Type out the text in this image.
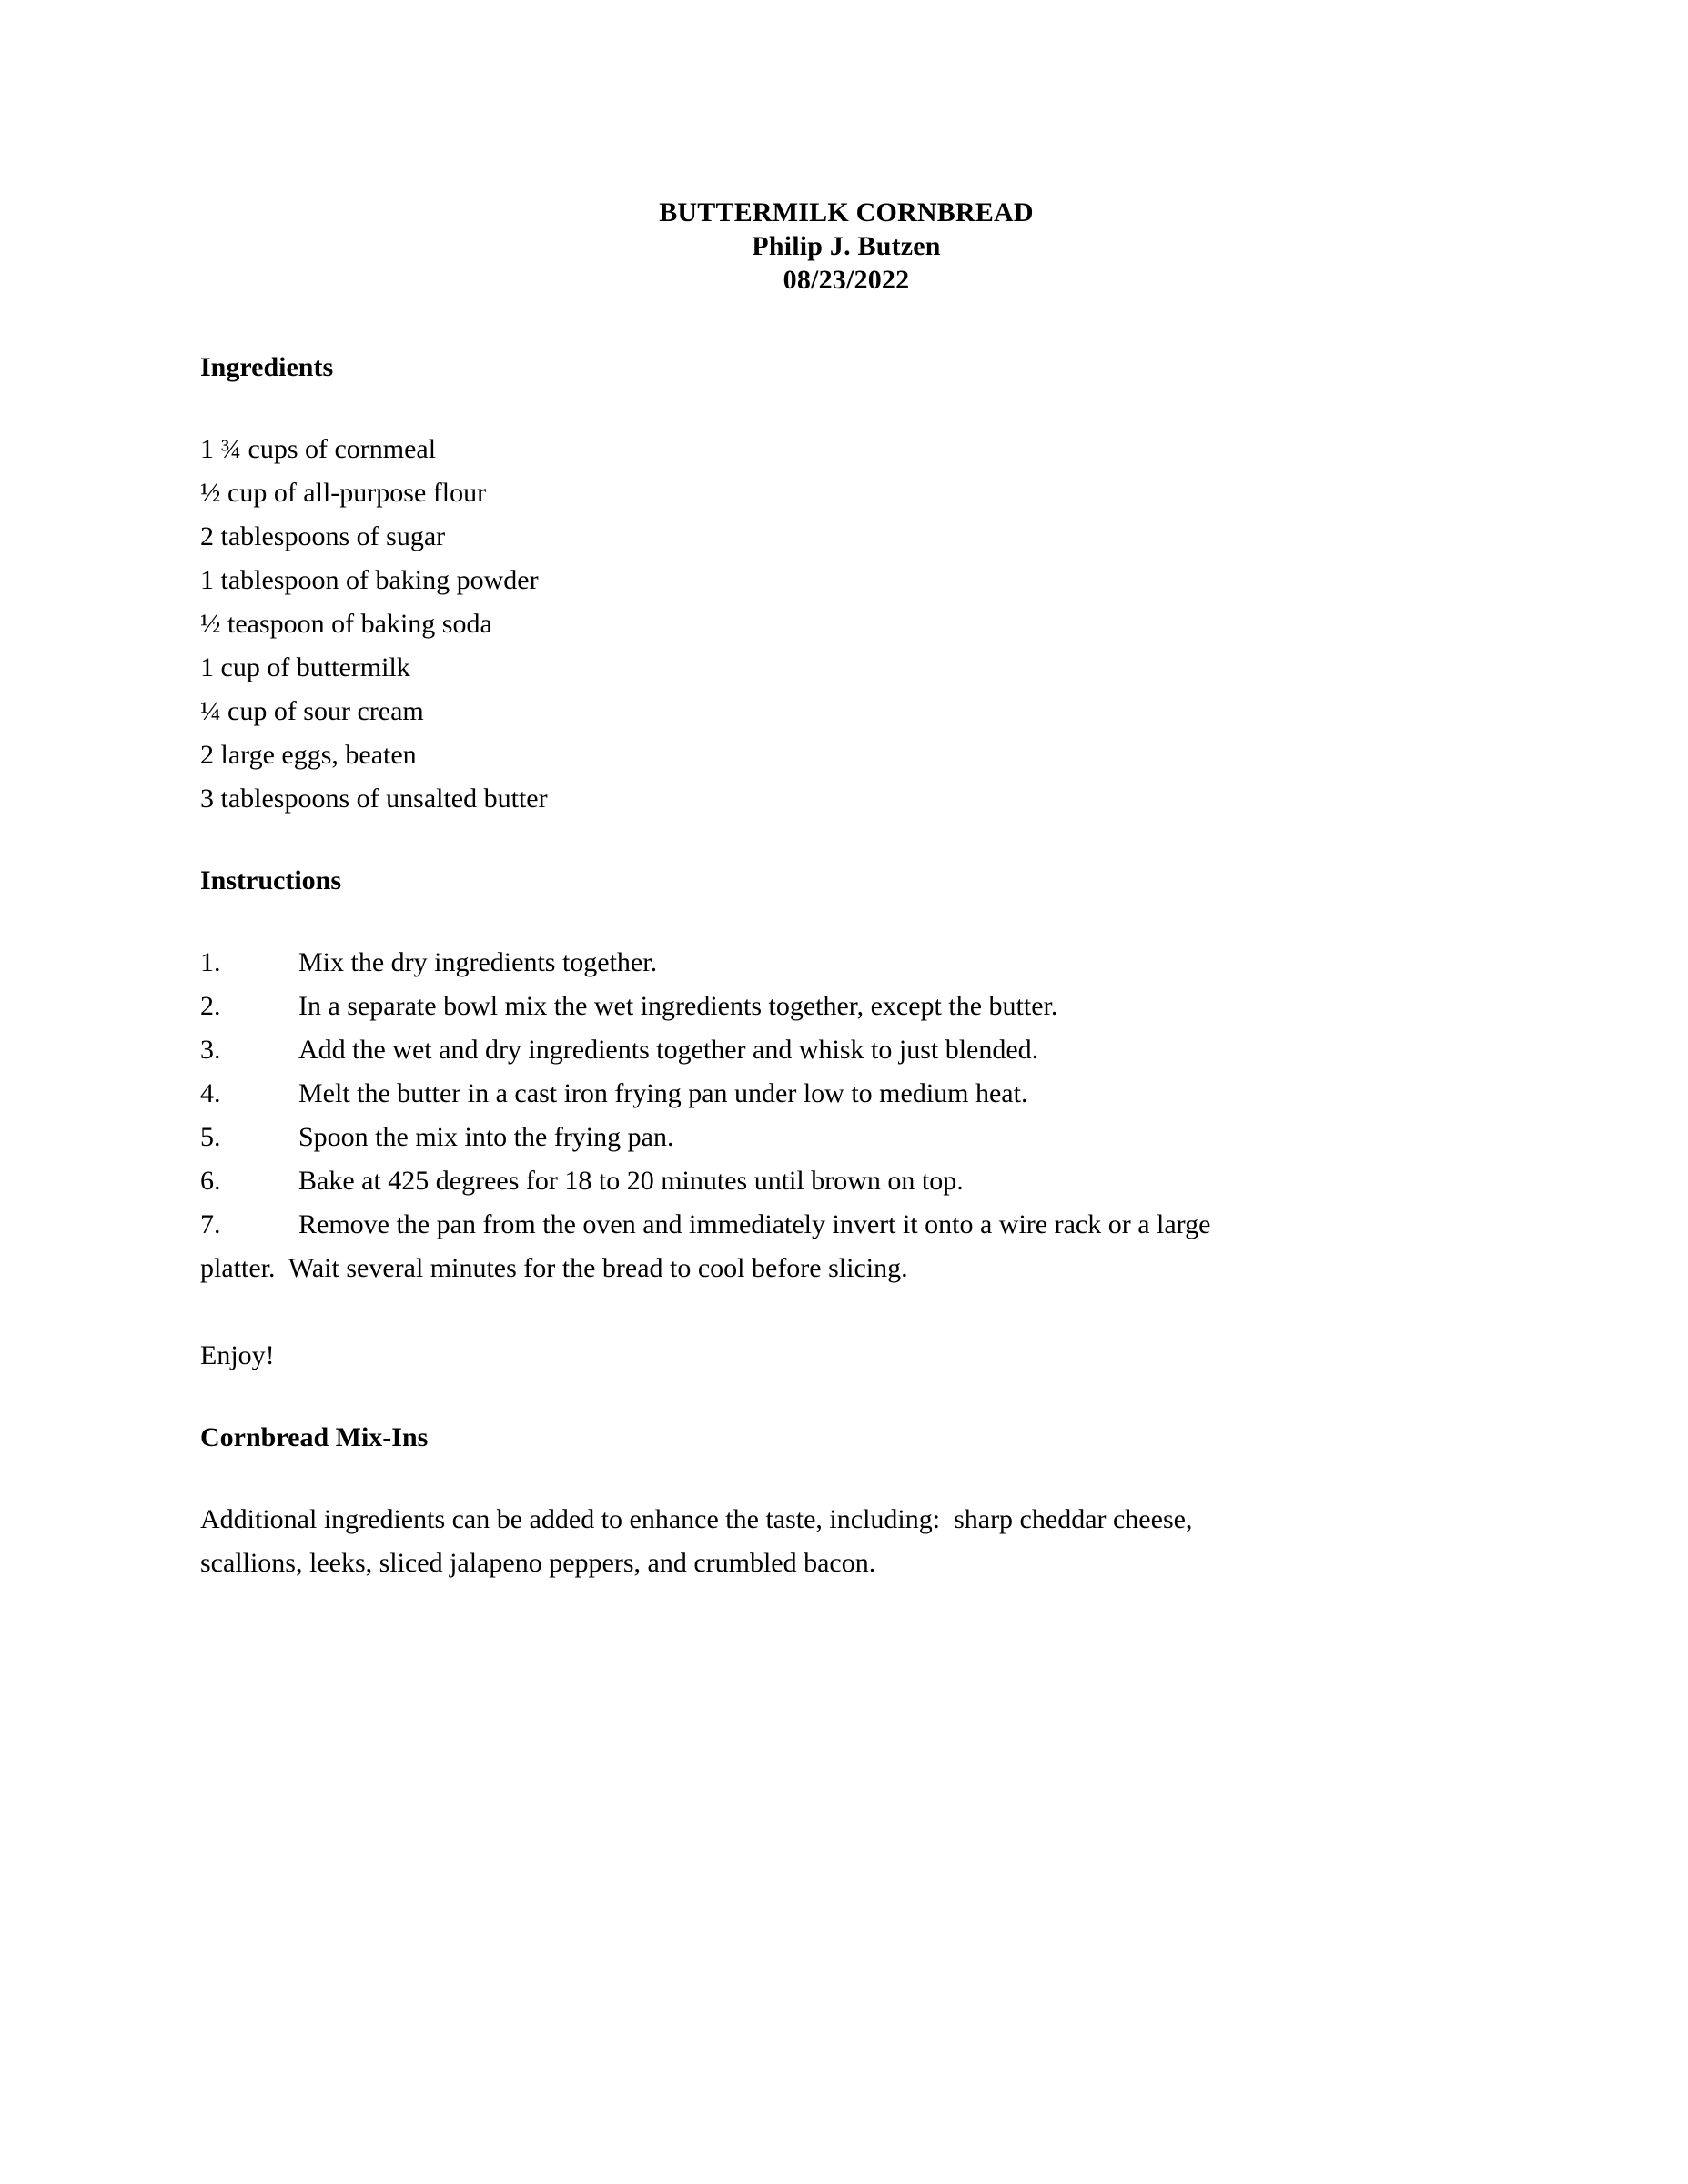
BUTTERMILK CORNBREAD
Philip J. Butzen
08/23/2022
Ingredients
1 ¾ cups of cornmeal
½ cup of all-purpose flour
2 tablespoons of sugar
1 tablespoon of baking powder
½ teaspoon of baking soda
1 cup of buttermilk
¼ cup of sour cream
2 large eggs, beaten
3 tablespoons of unsalted butter
Instructions
1.	Mix the dry ingredients together.
2.	In a separate bowl mix the wet ingredients together, except the butter.
3.	Add the wet and dry ingredients together and whisk to just blended.
4.	Melt the butter in a cast iron frying pan under low to medium heat.
5.	Spoon the mix into the frying pan.
6.	Bake at 425 degrees for 18 to 20 minutes until brown on top.
7.	Remove the pan from the oven and immediately invert it onto a wire rack or a large
platter.  Wait several minutes for the bread to cool before slicing.
Enjoy!
Cornbread Mix-Ins
Additional ingredients can be added to enhance the taste, including:  sharp cheddar cheese,
scallions, leeks, sliced jalapeno peppers, and crumbled bacon.
